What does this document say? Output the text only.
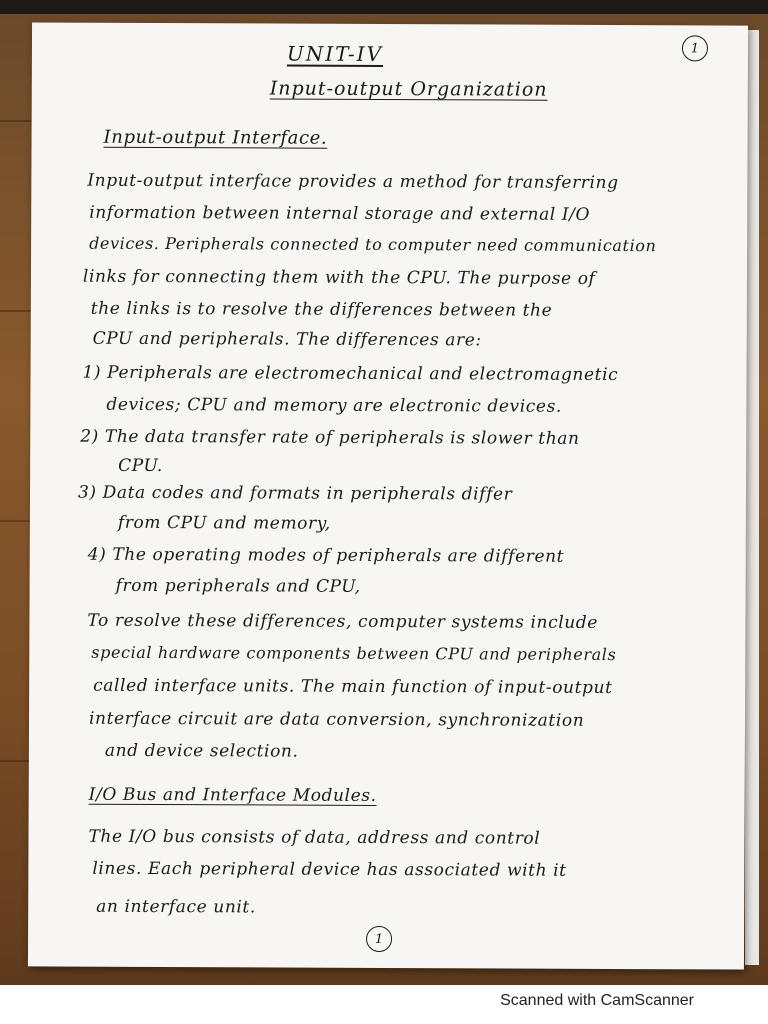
UNIT-IV	1
Input-output Organization
Input-output Interface.
Input-output interface provides a method for transferring
information between internal storage and external I/O
devices. Peripherals connected to computer need communication
links for connecting them with the CPU. The purpose of
the links is to resolve the differences between the
CPU and peripherals. The differences are:
1) Peripherals are electromechanical and electromagnetic
devices; CPU and memory are electronic devices.
2) The data transfer rate of peripherals is slower than
CPU.
3) Data codes and formats in peripherals differ
from CPU and memory,
4) The operating modes of peripherals are different
from peripherals and CPU,
To resolve these differences, computer systems include
special hardware components between CPU and peripherals
called interface units. The main function of input-output
interface circuit are data conversion, synchronization
and device selection.
I/O Bus and Interface Modules.
The I/O bus consists of data, address and control
lines. Each peripheral device has associated with it
an interface unit.
1
Scanned with CamScanner
